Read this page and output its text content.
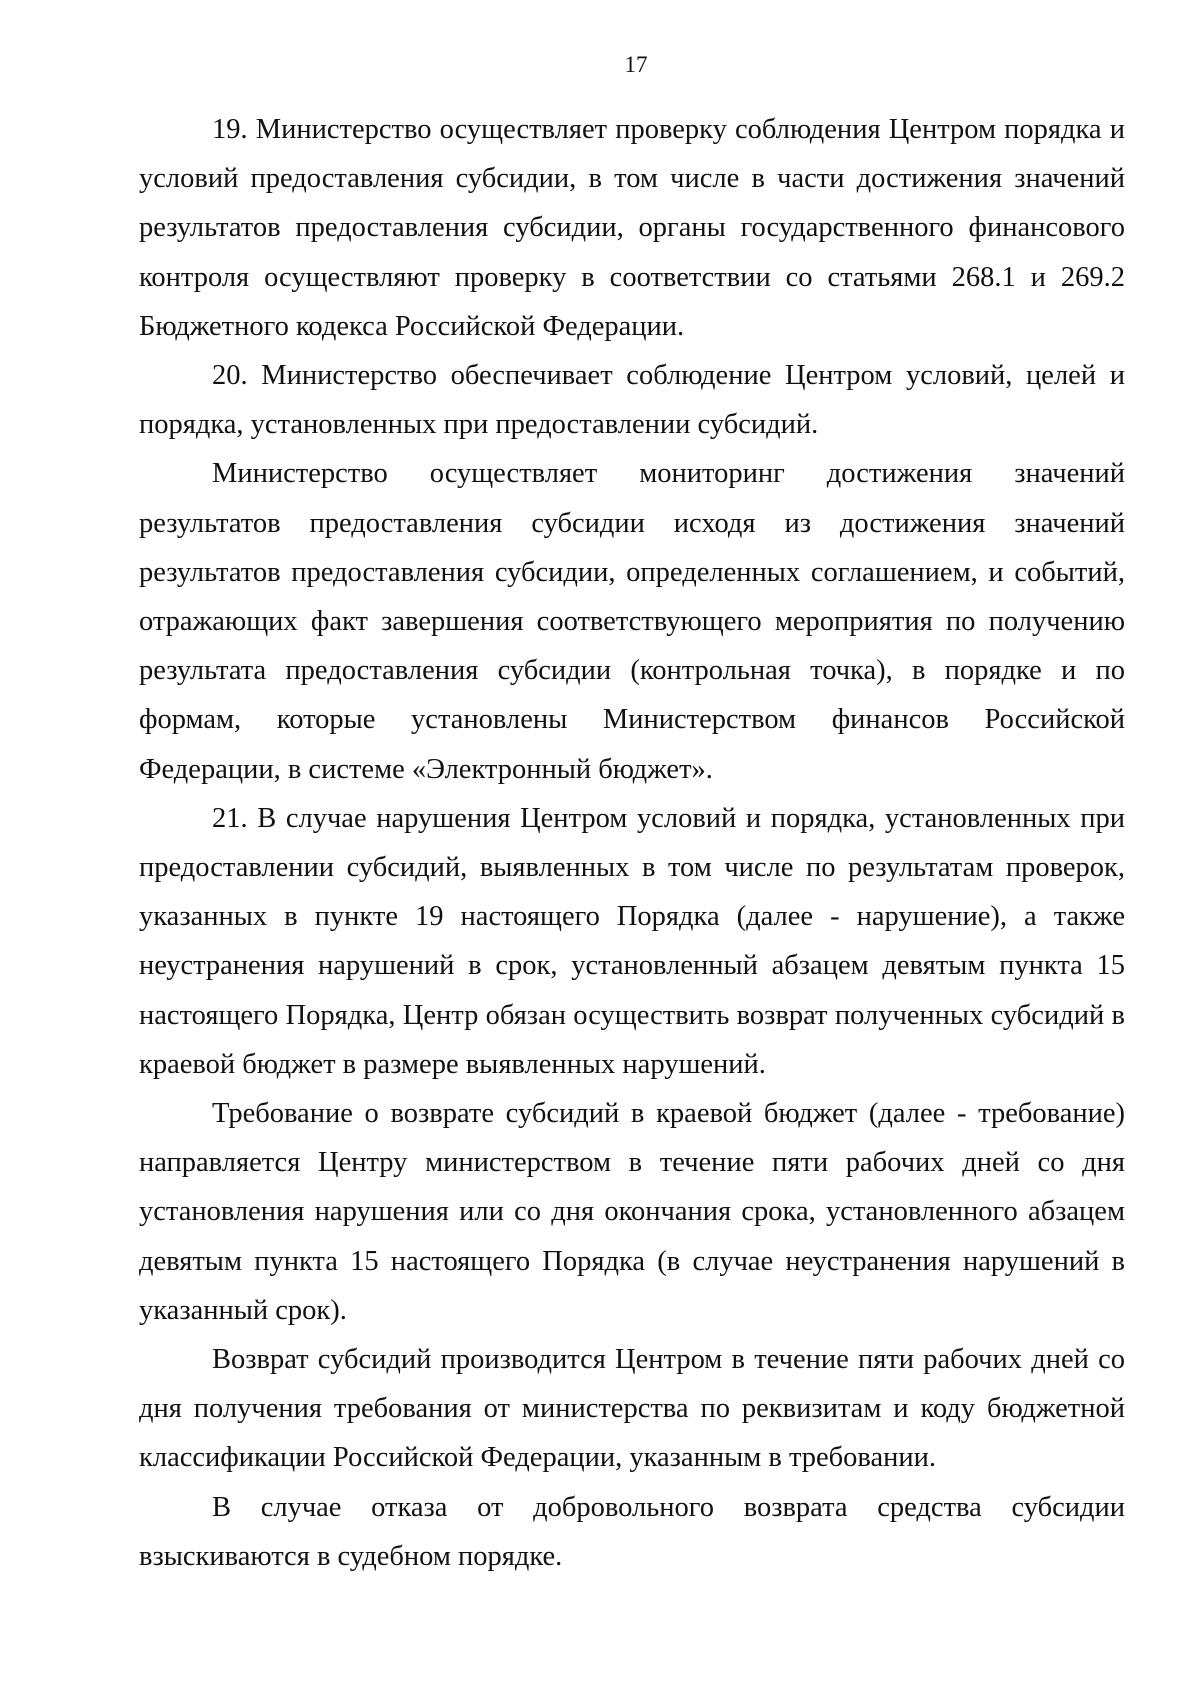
17

19. Министерство осуществляет проверку соблюдения Центром порядка и условий предоставления субсидии, в том числе в части достижения значений результатов предоставления субсидии, органы государственного финансового контроля осуществляют проверку в соответствии со статьями 268.1 и 269.2 Бюджетного кодекса Российской Федерации.

20. Министерство обеспечивает соблюдение Центром условий, целей и порядка, установленных при предоставлении субсидий.

Министерство осуществляет мониторинг достижения значений результатов предоставления субсидии исходя из достижения значений результатов предоставления субсидии, определенных соглашением, и событий, отражающих факт завершения соответствующего мероприятия по получению результата предоставления субсидии (контрольная точка), в порядке и по формам, которые установлены Министерством финансов Российской Федерации, в системе «Электронный бюджет».

21. В случае нарушения Центром условий и порядка, установленных при предоставлении субсидий, выявленных в том числе по результатам проверок, указанных в пункте 19 настоящего Порядка (далее - нарушение), а также неустранения нарушений в срок, установленный абзацем девятым пункта 15 настоящего Порядка, Центр обязан осуществить возврат полученных субсидий в краевой бюджет в размере выявленных нарушений.

Требование о возврате субсидий в краевой бюджет (далее - требование) направляется Центру министерством в течение пяти рабочих дней со дня установления нарушения или со дня окончания срока, установленного абзацем девятым пункта 15 настоящего Порядка (в случае неустранения нарушений в указанный срок).

Возврат субсидий производится Центром в течение пяти рабочих дней со дня получения требования от министерства по реквизитам и коду бюджетной классификации Российской Федерации, указанным в требовании.

В случае отказа от добровольного возврата средства субсидии взыскиваются в судебном порядке.
